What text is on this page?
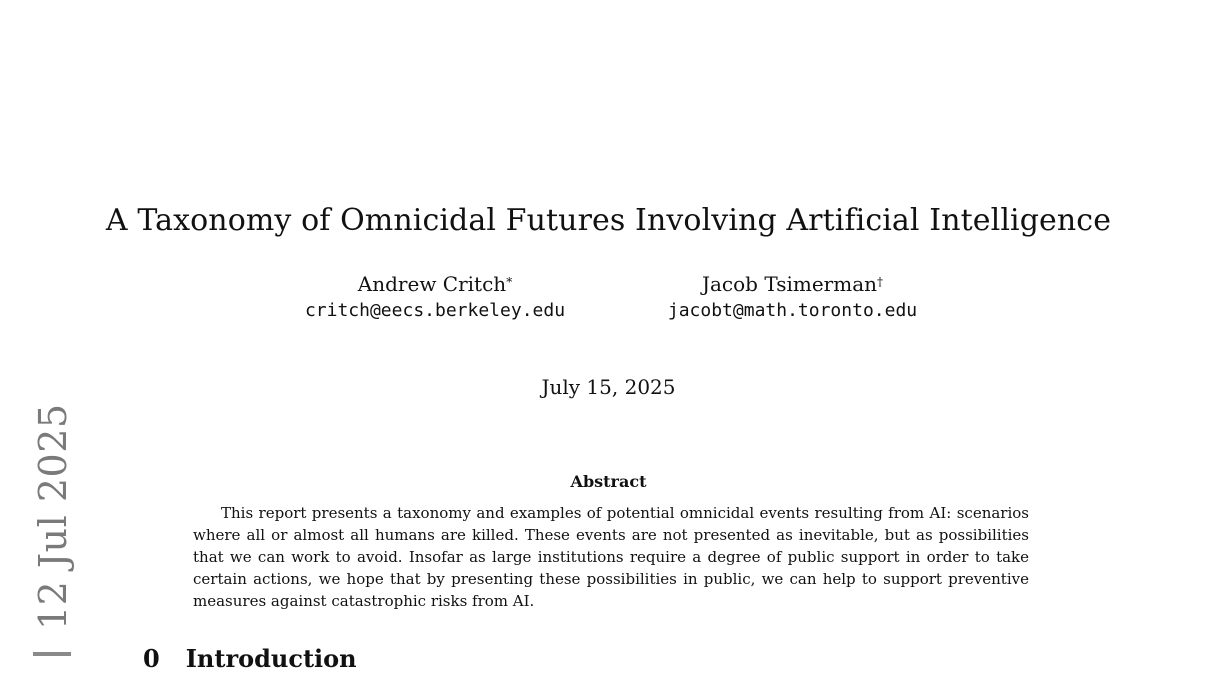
A Taxonomy of Omnicidal Futures Involving Artificial Intelligence
Andrew Critch*
critch@eecs.berkeley.edu
Jacob Tsimerman†
jacobt@math.toronto.edu
July 15, 2025
Abstract

This report presents a taxonomy and examples of potential omnicidal events resulting from AI: scenarios where all or almost all humans are killed. These events are not presented as inevitable, but as possibilities that we can work to avoid. Insofar as large institutions require a degree of public support in order to take certain actions, we hope that by presenting these possibilities in public, we can help to support preventive measures against catastrophic risks from AI.

0 Introduction
12 Jul 2025
